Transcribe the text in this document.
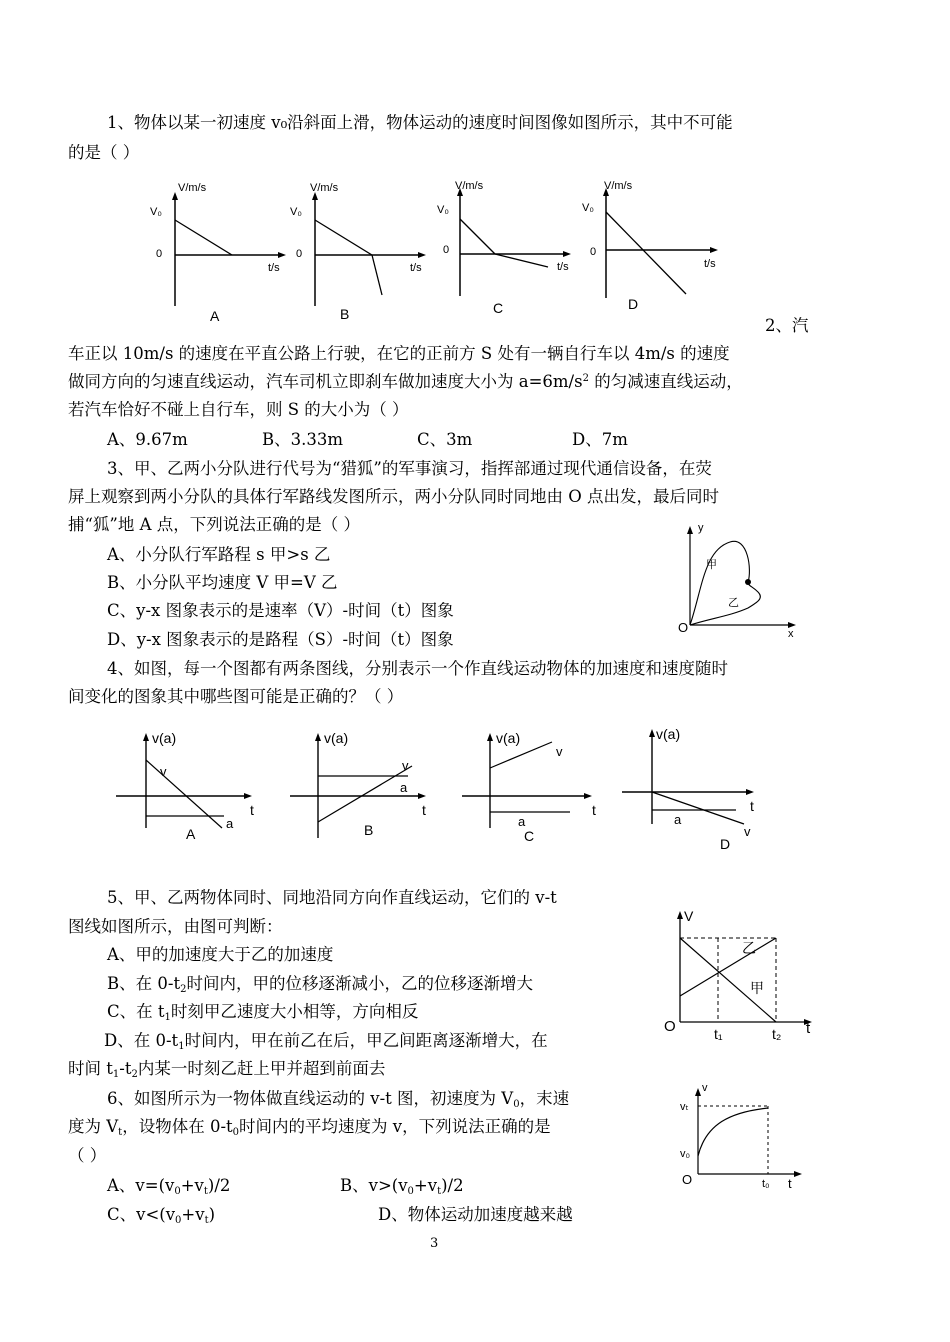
1、物体以某一初速度 v₀沿斜面上滑，物体运动的速度时间图像如图所示，其中不可能
的是（ ）
V/m/s
V₀
0
t/s
A
V/m/s
V₀
0
t/s
B
V/m/s
V₀
0
t/s
C
V/m/s
V₀
0
t/s
D
2、汽
车正以 10m/s 的速度在平直公路上行驶，在它的正前方 S 处有一辆自行车以 4m/s 的速度
做同方向的匀速直线运动，汽车司机立即刹车做加速度大小为 $a=6m/s^2$ 的匀减速直线运动，
若汽车恰好不碰上自行车，则 S 的大小为（ ）
A、9.67m	B、3.33m	C、3m	D、7m
3、甲、乙两小分队进行代号为“猎狐”的军事演习，指挥部通过现代通信设备，在荧
屏上观察到两小分队的具体行军路线发图所示，两小分队同时同地由 O 点出发，最后同时
捕“狐”地 A 点，下列说法正确的是（ ）
A、小分队行军路程 s 甲>s 乙
B、小分队平均速度 V 甲=V 乙
C、y-x 图象表示的是速率（V）-时间（t）图象
D、y-x 图象表示的是路程（S）-时间（t）图象
y
x
O
甲
乙
4、如图，每一个图都有两条图线，分别表示一个作直线运动物体的加速度和速度随时
间变化的图象其中哪些图可能是正确的？（ ）
v(a)
t
v
a
A
v(a)
t
v
a
B
v(a)
t
v
a
C
v(a)
t
v
a
D
5、甲、乙两物体同时、同地沿同方向作直线运动，它们的 v-t
图线如图所示，由图可判断：
A、甲的加速度大于乙的加速度
B、在 $0-t_2$时间内，甲的位移逐渐减小，乙的位移逐渐增大
C、在 $t_1$时刻甲乙速度大小相等，方向相反
D、在 $0-t_1$时间内，甲在前乙在后，甲乙间距离逐渐增大，在
时间 $t_1-t_2$内某一时刻乙赶上甲并超到前面去
V
O	t
t₁	t₂
乙
甲
6、如图所示为一物体做直线运动的 v-t 图，初速度为 $V_0$，末速
度为 $V_t$，设物体在 $0-t_0$时间内的平均速度为 v，下列说法正确的是
（ ）
A、$v=(v_0+v_t)/2$	B、$v>(v_0+v_t)/2$
C、$v<(v_0+v_t)$	D、物体运动加速度越来越
v
vₜ
v₀
O	t₀ t
3
